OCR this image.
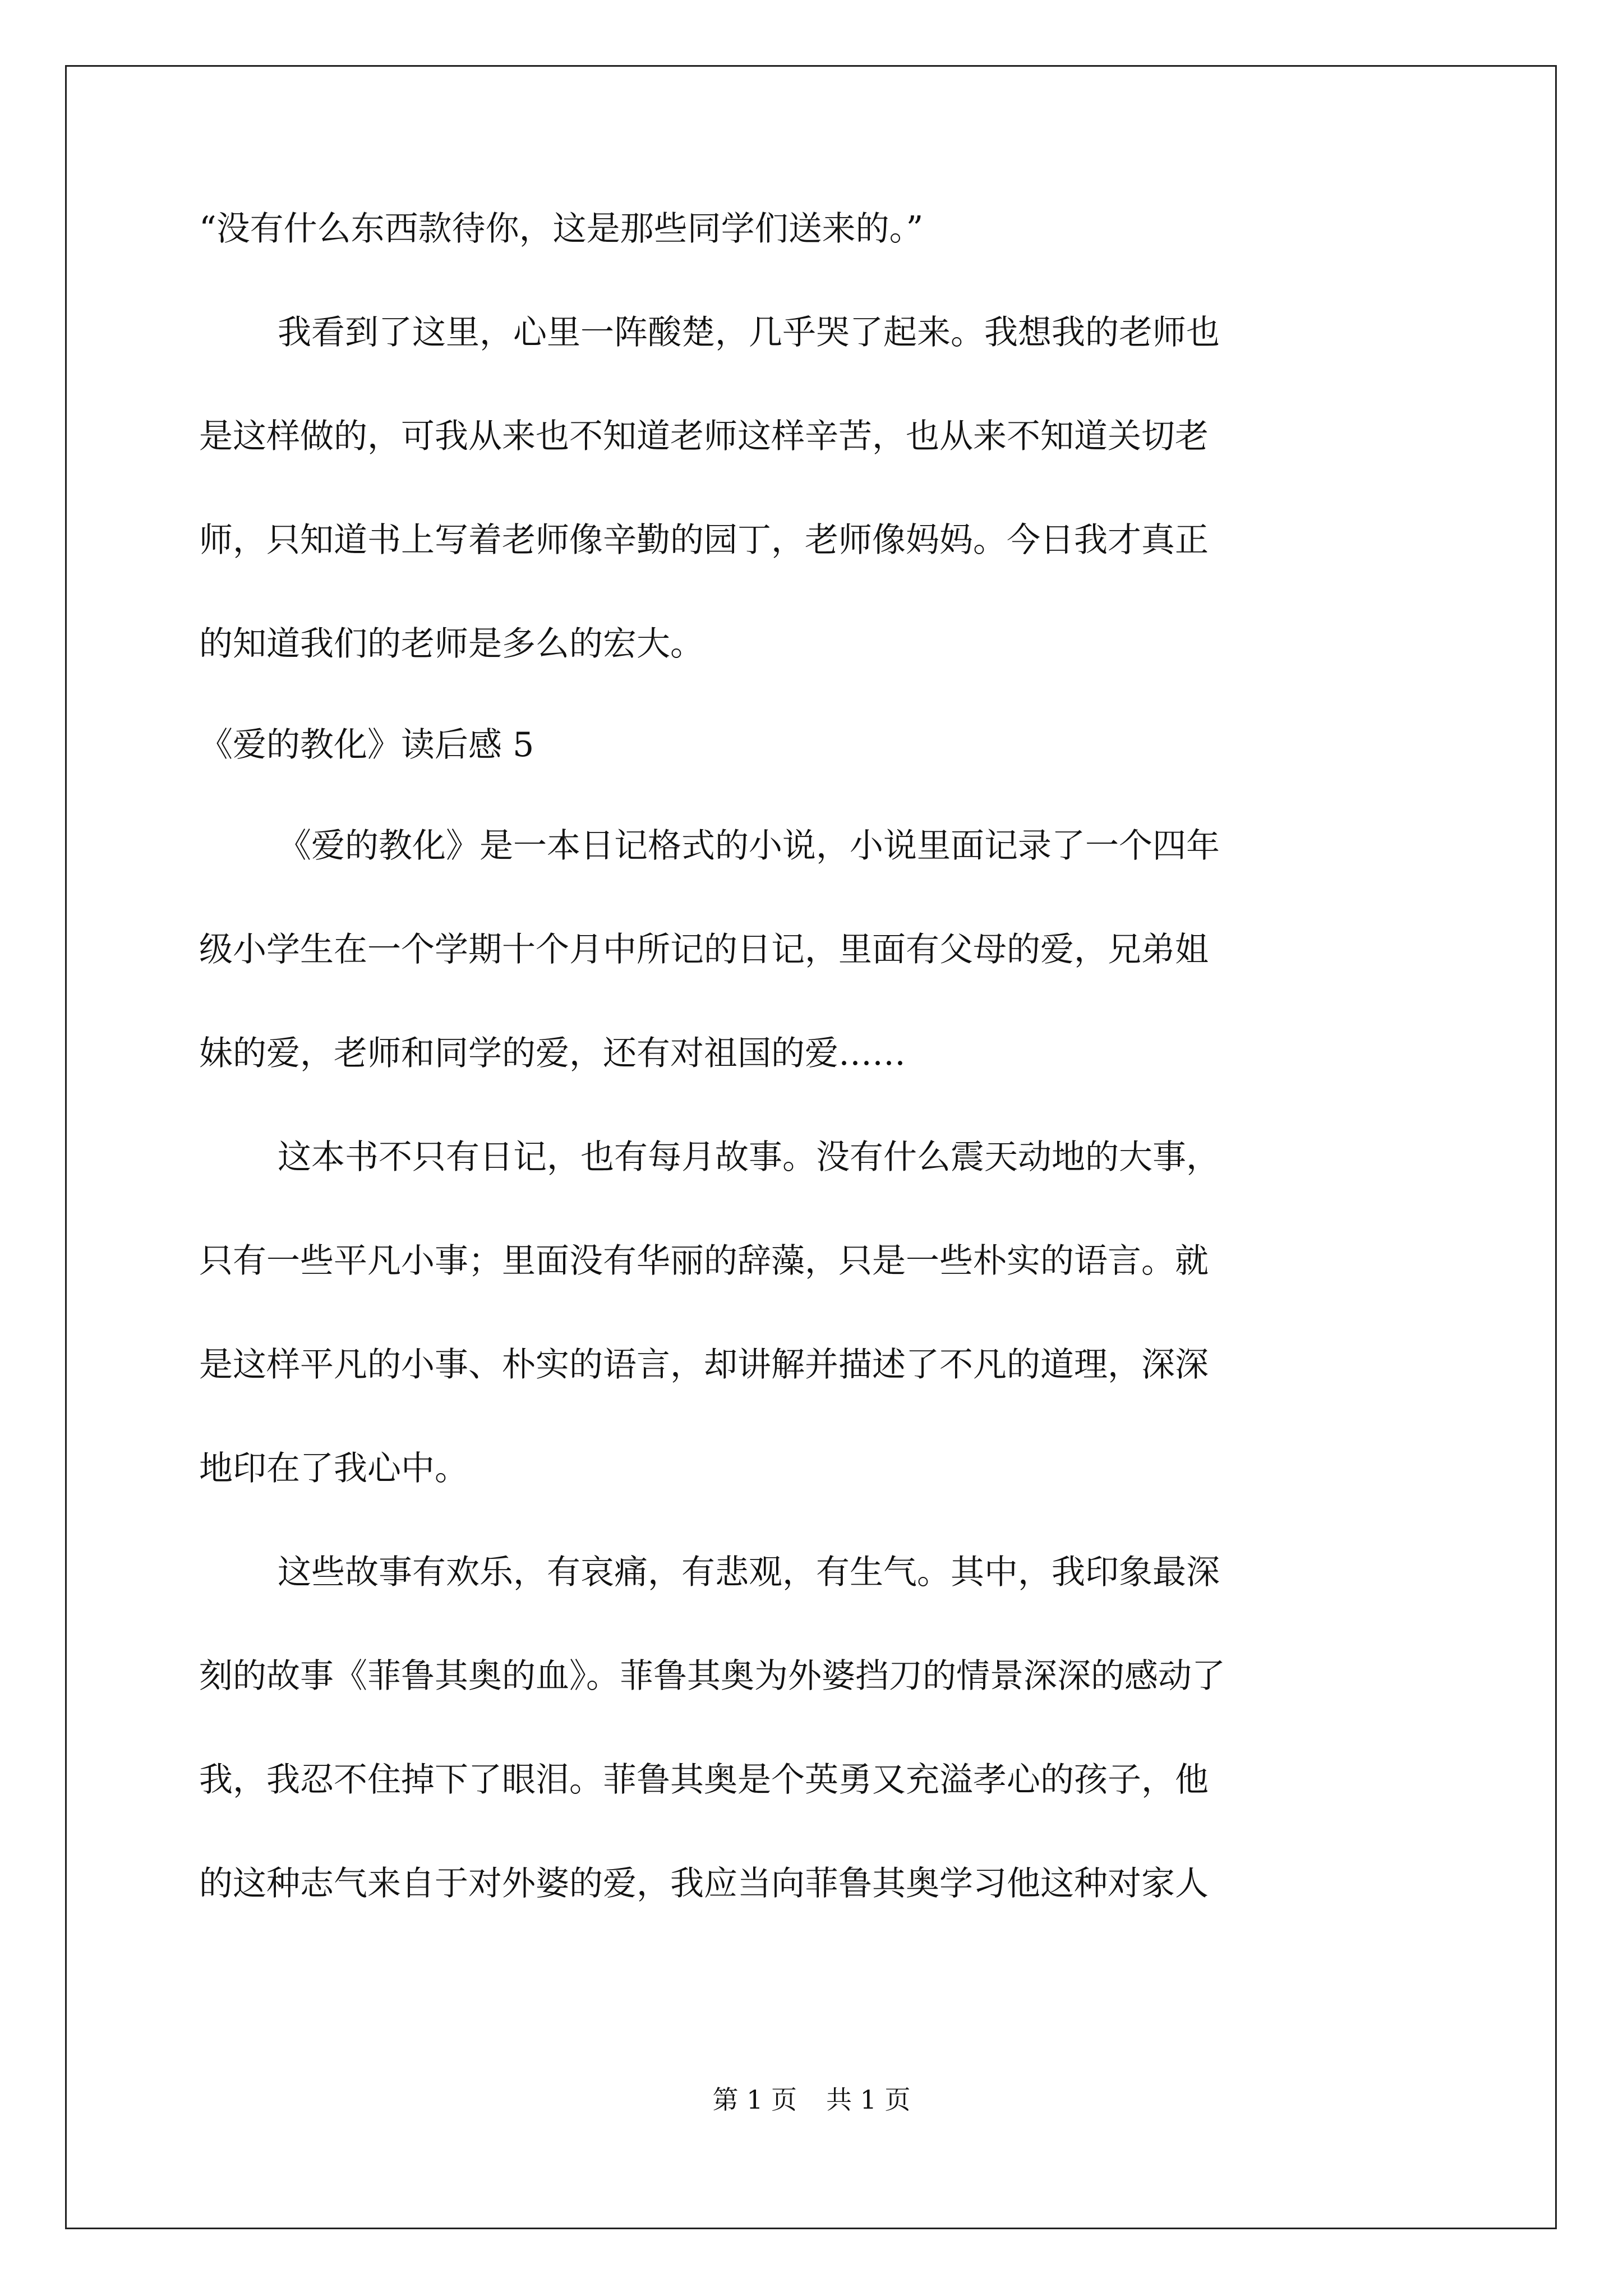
“没有什么东西款待你，这是那些同学们送来的。”
我看到了这里，心里一阵酸楚，几乎哭了起来。我想我的老师也
是这样做的，可我从来也不知道老师这样辛苦，也从来不知道关切老
师，只知道书上写着老师像辛勤的园丁，老师像妈妈。今日我才真正
的知道我们的老师是多么的宏大。
《爱的教化》读后感 5
《爱的教化》是一本日记格式的小说，小说里面记录了一个四年
级小学生在一个学期十个月中所记的日记，里面有父母的爱，兄弟姐
妹的爱，老师和同学的爱，还有对祖国的爱……
这本书不只有日记，也有每月故事。没有什么震天动地的大事，
只有一些平凡小事；里面没有华丽的辞藻，只是一些朴实的语言。就
是这样平凡的小事、朴实的语言，却讲解并描述了不凡的道理，深深
地印在了我心中。
这些故事有欢乐，有哀痛，有悲观，有生气。其中，我印象最深
刻的故事《菲鲁其奥的血》。菲鲁其奥为外婆挡刀的情景深深的感动了
我，我忍不住掉下了眼泪。菲鲁其奥是个英勇又充溢孝心的孩子，他
的这种志气来自于对外婆的爱，我应当向菲鲁其奥学习他这种对家人
第 1 页 共 1 页
